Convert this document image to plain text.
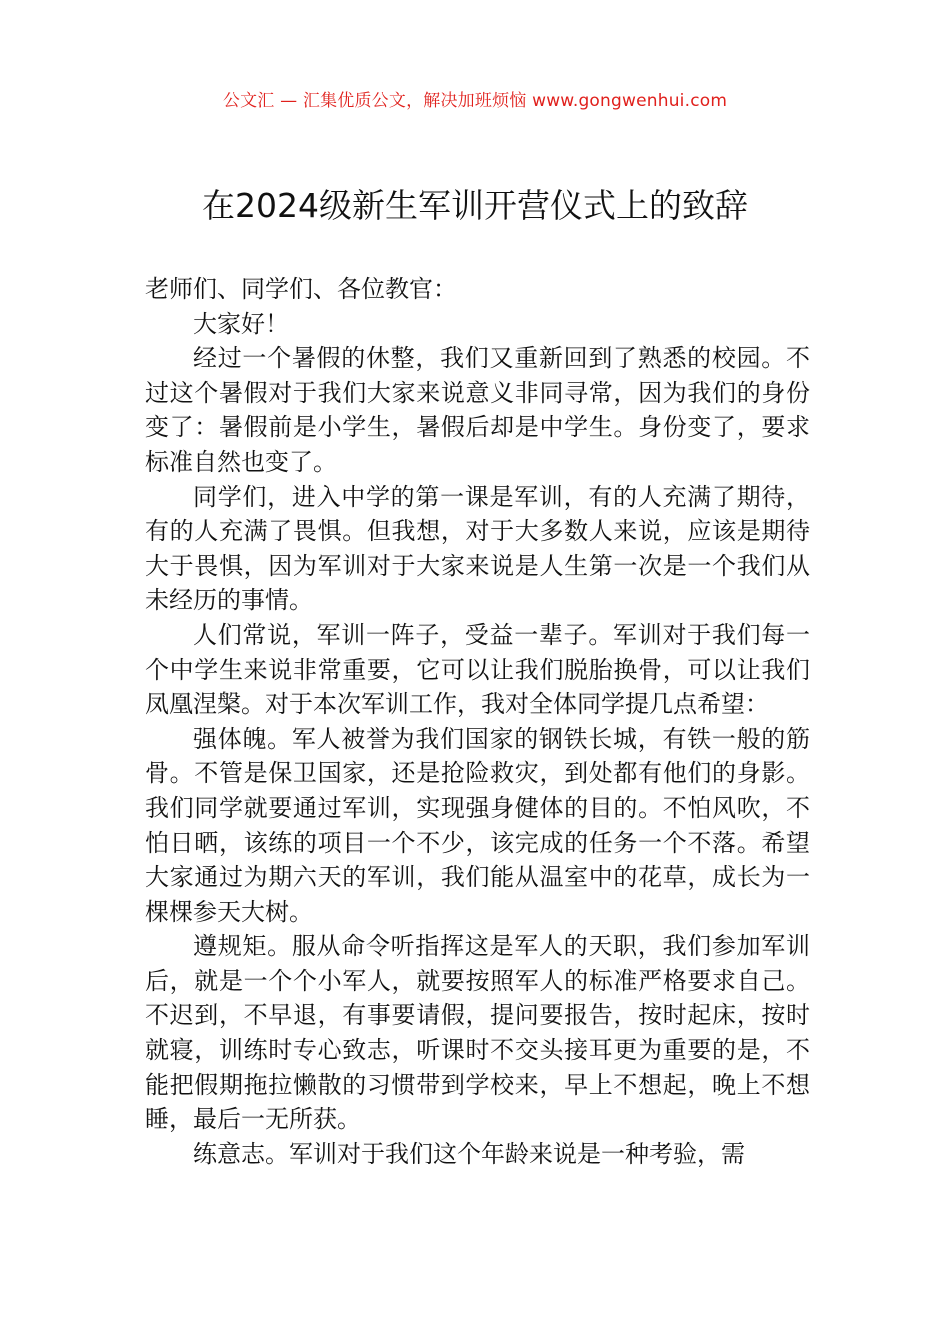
公文汇 — 汇集优质公文，解决加班烦恼 www.gongwenhui.com
在2024级新生军训开营仪式上的致辞

老师们、同学们、各位教官：

大家好！

经过一个暑假的休整，我们又重新回到了熟悉的校园。不过这个暑假对于我们大家来说意义非同寻常，因为我们的身份变了：暑假前是小学生，暑假后却是中学生。身份变了，要求标准自然也变了。

同学们，进入中学的第一课是军训，有的人充满了期待，有的人充满了畏惧。但我想，对于大多数人来说，应该是期待大于畏惧，因为军训对于大家来说是人生第一次是一个我们从未经历的事情。

人们常说，军训一阵子，受益一辈子。军训对于我们每一个中学生来说非常重要，它可以让我们脱胎换骨，可以让我们凤凰涅槃。对于本次军训工作，我对全体同学提几点希望：

强体魄。军人被誉为我们国家的钢铁长城，有铁一般的筋骨。不管是保卫国家，还是抢险救灾，到处都有他们的身影。我们同学就要通过军训，实现强身健体的目的。不怕风吹，不怕日晒，该练的项目一个不少，该完成的任务一个不落。希望大家通过为期六天的军训，我们能从温室中的花草，成长为一棵棵参天大树。

遵规矩。服从命令听指挥这是军人的天职，我们参加军训后，就是一个个小军人，就要按照军人的标准严格要求自己。不迟到，不早退，有事要请假，提问要报告，按时起床，按时就寝，训练时专心致志，听课时不交头接耳更为重要的是，不能把假期拖拉懒散的习惯带到学校来，早上不想起，晚上不想睡，最后一无所获。

练意志。军训对于我们这个年龄来说是一种考验，需
